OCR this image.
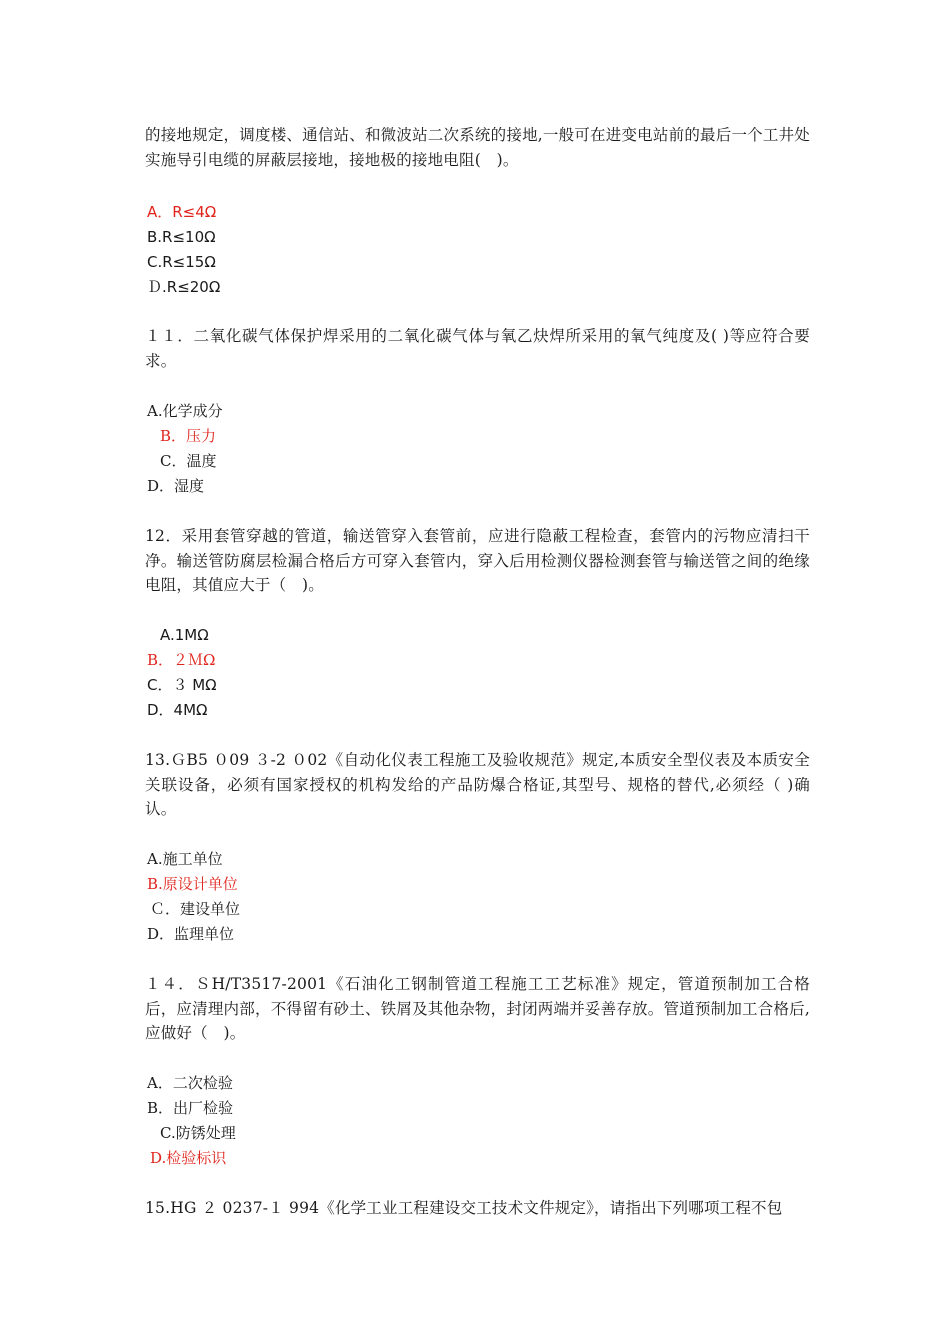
的接地规定，调度楼、通信站、和微波站二次系统的接地,一般可在进变电站前的最后一个工井处实施导引电缆的屏蔽层接地，接地极的接地电阻(　)。
A．R≤4Ω
B.R≤10Ω
C.R≤15Ω
Ｄ.R≤20Ω
１１．二氧化碳气体保护焊采用的二氧化碳气体与氧乙炔焊所采用的氧气纯度及( )等应符合要求。
A.化学成分
B．压力
C．温度
D．湿度
12．采用套管穿越的管道，输送管穿入套管前，应进行隐蔽工程检查，套管内的污物应清扫干净。输送管防腐层检漏合格后方可穿入套管内，穿入后用检测仪器检测套管与输送管之间的绝缘电阻，其值应大于（　)。
A.1MΩ
B．２ＭΩ
C．３ MΩ
D．4MΩ
13.ＧB5 ０09 ３-2 ０02《自动化仪表工程施工及验收规范》规定,本质安全型仪表及本质安全关联设备，必须有国家授权的机构发给的产品防爆合格证,其型号、规格的替代,必须经（ )确认。
A.施工单位
B.原设计单位
Ｃ．建设单位
D．监理单位
１４．ＳH/T3517-2001《石油化工钢制管道工程施工工艺标准》规定，管道预制加工合格后，应清理内部，不得留有砂土、铁屑及其他杂物，封闭两端并妥善存放。管道预制加工合格后,应做好（　)。
A．二次检验
B．出厂检验
C.防锈处理
D.检验标识
15.HG ２ 0237-１ 994《化学工业工程建设交工技术文件规定》，请指出下列哪项工程不包
